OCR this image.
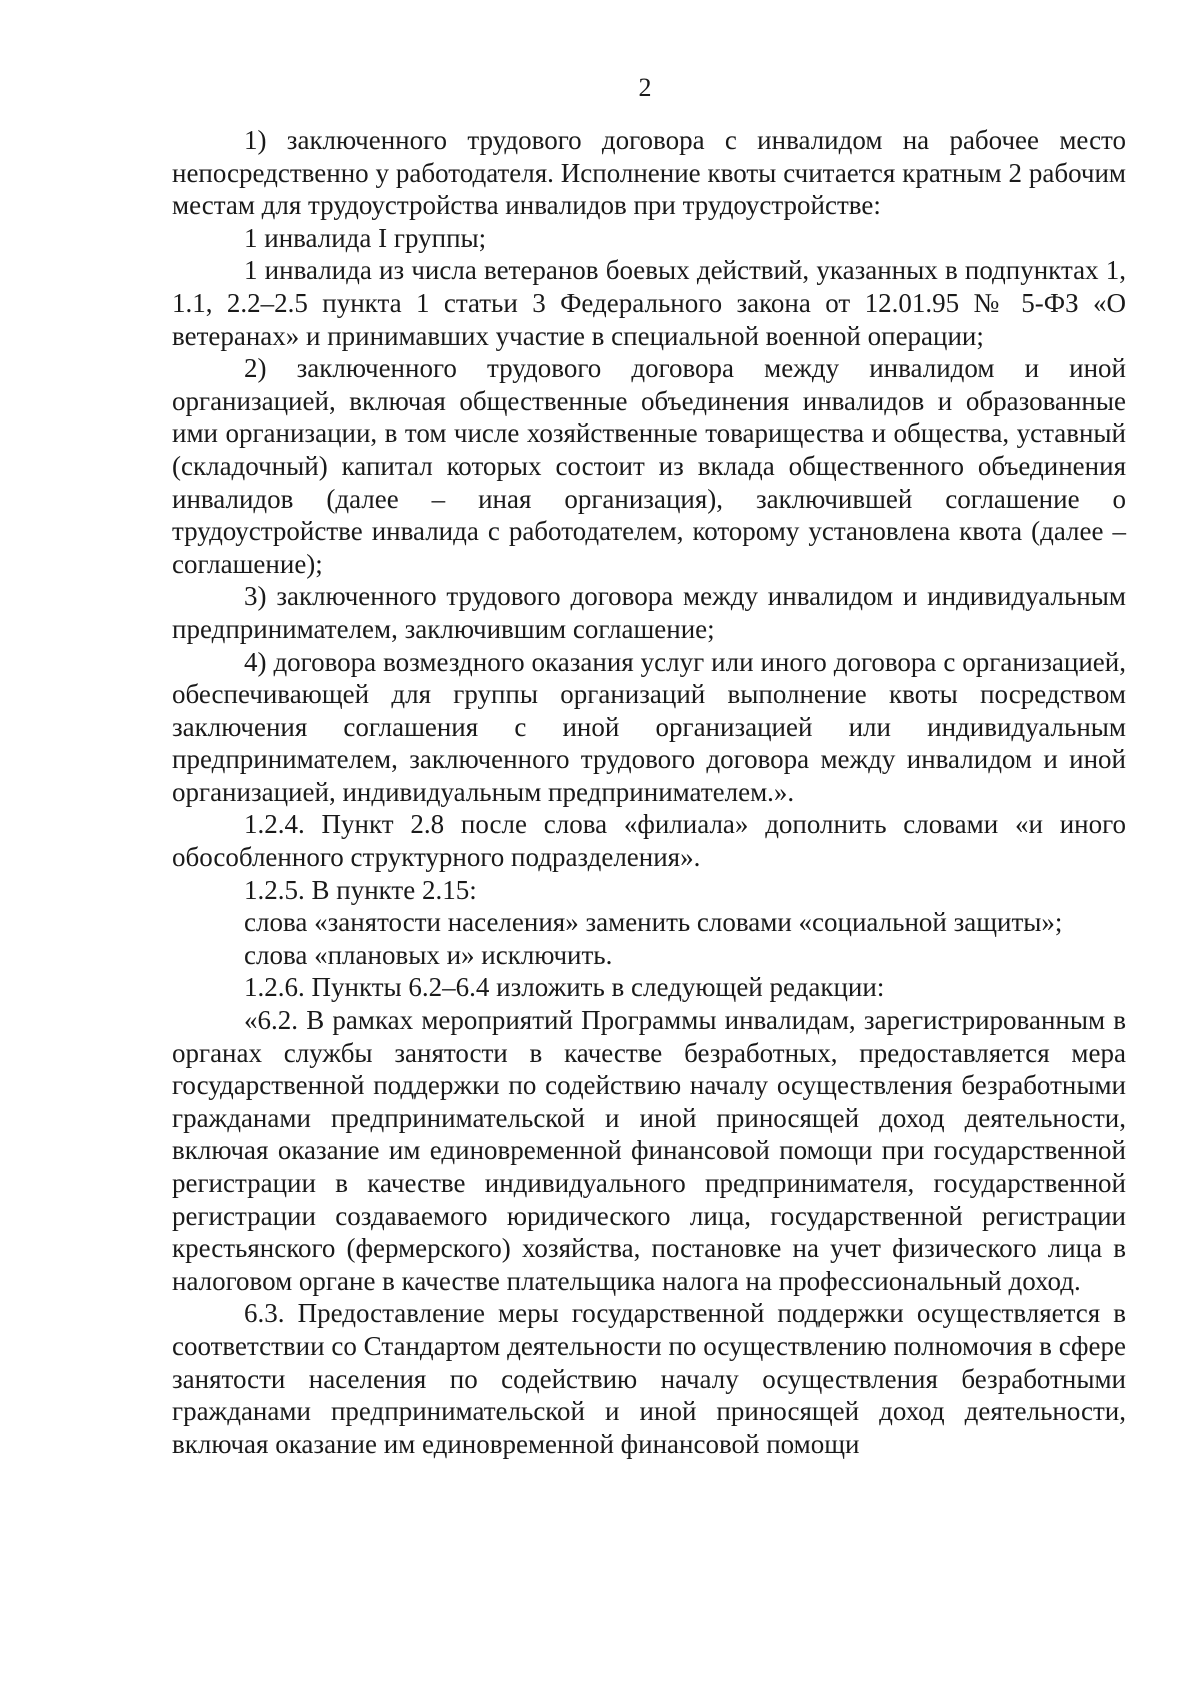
2

1) заключенного трудового договора с инвалидом на рабочее место непосредственно у работодателя. Исполнение квоты считается кратным 2 рабочим местам для трудоустройства инвалидов при трудоустройстве:

1 инвалида I группы;

1 инвалида из числа ветеранов боевых действий, указанных в подпунктах 1, 1.1, 2.2–2.5 пункта 1 статьи 3 Федерального закона от 12.01.95 № 5-ФЗ «О ветеранах» и принимавших участие в специальной военной операции;

2) заключенного трудового договора между инвалидом и иной организацией, включая общественные объединения инвалидов и образованные ими организации, в том числе хозяйственные товарищества и общества, уставный (складочный) капитал которых состоит из вклада общественного объединения инвалидов (далее – иная организация), заключившей соглашение о трудоустройстве инвалида с работодателем, которому установлена квота (далее – соглашение);

3) заключенного трудового договора между инвалидом и индивидуальным предпринимателем, заключившим соглашение;

4) договора возмездного оказания услуг или иного договора с организацией, обеспечивающей для группы организаций выполнение квоты посредством заключения соглашения с иной организацией или индивидуальным предпринимателем, заключенного трудового договора между инвалидом и иной организацией, индивидуальным предпринимателем.».

1.2.4. Пункт 2.8 после слова «филиала» дополнить словами «и иного обособленного структурного подразделения».

1.2.5. В пункте 2.15:

слова «занятости населения» заменить словами «социальной защиты»;

слова «плановых и» исключить.

1.2.6. Пункты 6.2–6.4 изложить в следующей редакции:

«6.2. В рамках мероприятий Программы инвалидам, зарегистрированным в органах службы занятости в качестве безработных, предоставляется мера государственной поддержки по содействию началу осуществления безработными гражданами предпринимательской и иной приносящей доход деятельности, включая оказание им единовременной финансовой помощи при государственной регистрации в качестве индивидуального предпринимателя, государственной регистрации создаваемого юридического лица, государственной регистрации крестьянского (фермерского) хозяйства, постановке на учет физического лица в налоговом органе в качестве плательщика налога на профессиональный доход.

6.3. Предоставление меры государственной поддержки осуществляется в соответствии со Стандартом деятельности по осуществлению полномочия в сфере занятости населения по содействию началу осуществления безработными гражданами предпринимательской и иной приносящей доход деятельности, включая оказание им единовременной финансовой помощи
